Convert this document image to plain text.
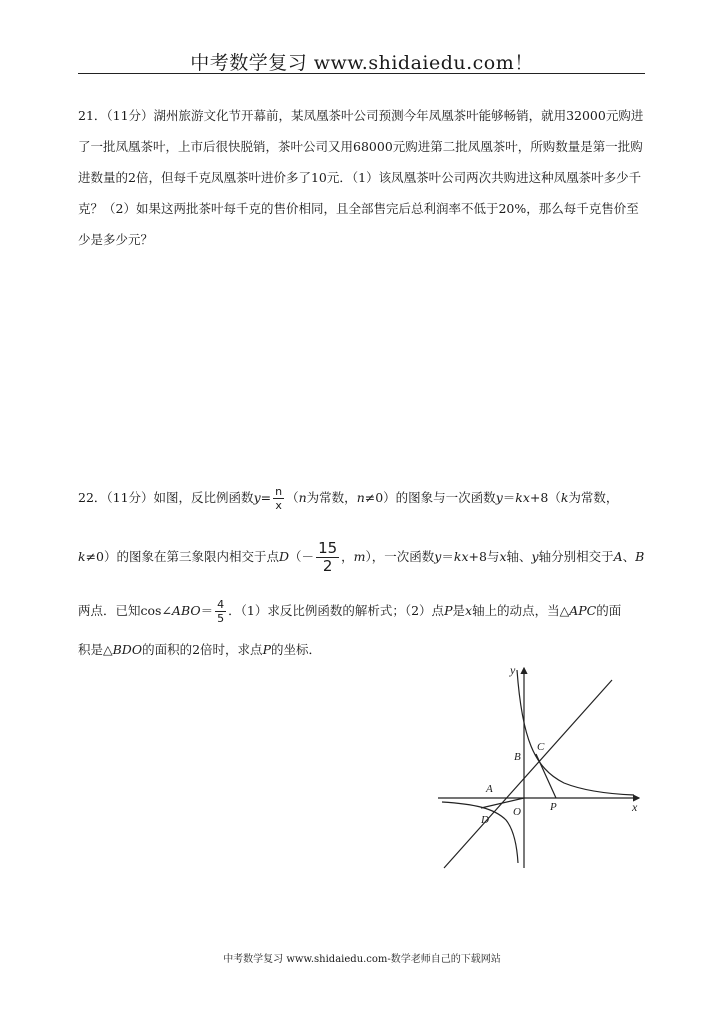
中考数学复习 www.shidaiedu.com！
21．（11分）湖州旅游文化节开幕前，某凤凰茶叶公司预测今年凤凰茶叶能够畅销，就用32000元购进了一批凤凰茶叶，上市后很快脱销，茶叶公司又用68000元购进第二批凤凰茶叶，所购数量是第一批购进数量的2倍，但每千克凤凰茶叶进价多了10元．（1）该凤凰茶叶公司两次共购进这种凤凰茶叶多少千克？（2）如果这两批茶叶每千克的售价相同，且全部售完后总利润率不低于20%，那么每千克售价至少是多少元？
22．（11分）如图，反比例函数$y= \frac{n}{x} (n$为常数，n≠0）的图象与一次函数y＝kx+8（k为常数，
k≠0）的图象在第三象限内相交于点$D(- \frac{15}{2}$ ，m），一次函数y＝kx+8与x轴、y轴分别相交于A、B
两点．已知cos∠ABO＝ $\frac{4}{5}$ ．（1）求反比例函数的解析式；（2）点P是x轴上的动点，当△APC的面
积是△BDO的面积的2倍时，求点P的坐标．
y
x
O
A
B
C
D
P
中考数学复习 www.shidaiedu.com-数学老师自己的下载网站
